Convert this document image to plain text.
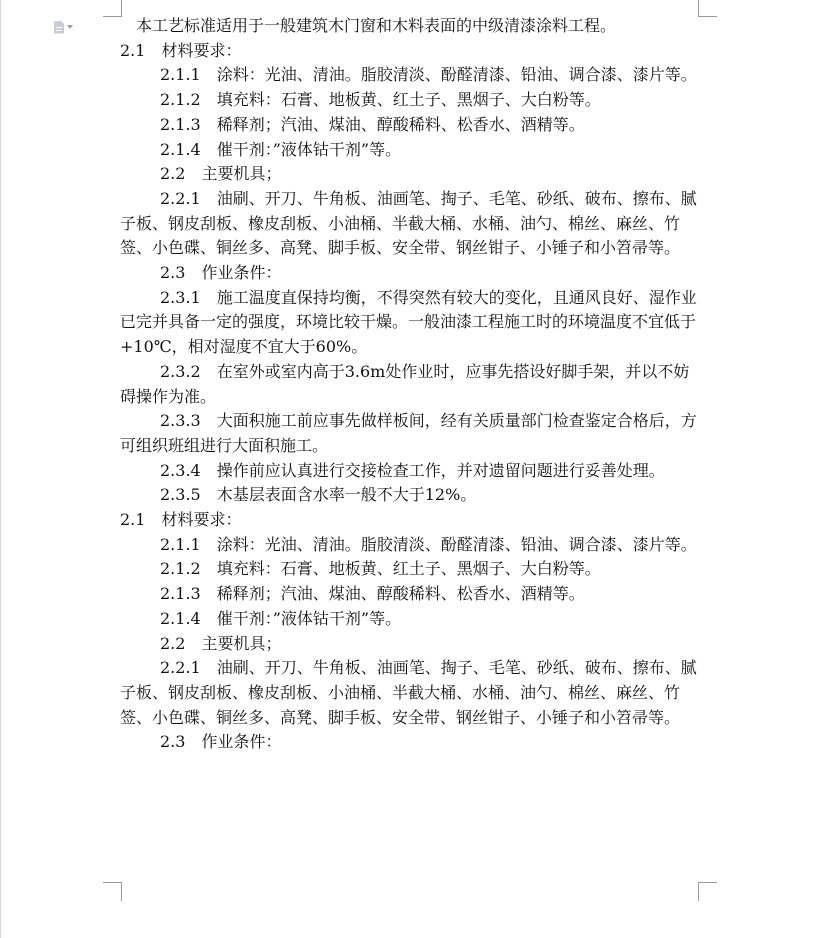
本工艺标准适用于一般建筑木门窗和木料表面的中级清漆涂料工程。

2.1　材料要求：

2.1.1　涂料：光油、清油。脂胶清淡、酚醛清漆、铅油、调合漆、漆片等。

2.1.2　填充料：石膏、地板黄、红土子、黑烟子、大白粉等。

2.1.3　稀释剂；汽油、煤油、醇酸稀料、松香水、酒精等。

2.1.4　催干剂：”液体钴干剂”等。

2.2　主要机具；

2.2.1　油刷、开刀、牛角板、油画笔、掏子、毛笔、砂纸、破布、擦布、腻子板、钢皮刮板、橡皮刮板、小油桶、半截大桶、水桶、油勺、棉丝、麻丝、竹签、小色碟、铜丝多、高凳、脚手板、安全带、钢丝钳子、小锤子和小笤帚等。

2.3　作业条件：

2.3.1　施工温度直保持均衡，不得突然有较大的变化，且通风良好、湿作业已完并具备一定的强度，环境比较干燥。一般油漆工程施工时的环境温度不宜低于+10℃，相对湿度不宜大于60%。

2.3.2　在室外或室内高于3.6m处作业时，应事先搭设好脚手架，并以不妨碍操作为准。

2.3.3　大面积施工前应事先做样板间，经有关质量部门检查鉴定合格后，方可组织班组进行大面积施工。

2.3.4　操作前应认真进行交接检查工作，并对遗留问题进行妥善处理。

2.3.5　木基层表面含水率一般不大于12%。

2.1　材料要求：

2.1.1　涂料：光油、清油。脂胶清淡、酚醛清漆、铅油、调合漆、漆片等。

2.1.2　填充料：石膏、地板黄、红土子、黑烟子、大白粉等。

2.1.3　稀释剂；汽油、煤油、醇酸稀料、松香水、酒精等。

2.1.4　催干剂：”液体钴干剂”等。

2.2　主要机具；

2.2.1　油刷、开刀、牛角板、油画笔、掏子、毛笔、砂纸、破布、擦布、腻子板、钢皮刮板、橡皮刮板、小油桶、半截大桶、水桶、油勺、棉丝、麻丝、竹签、小色碟、铜丝多、高凳、脚手板、安全带、钢丝钳子、小锤子和小笤帚等。

2.3　作业条件：
